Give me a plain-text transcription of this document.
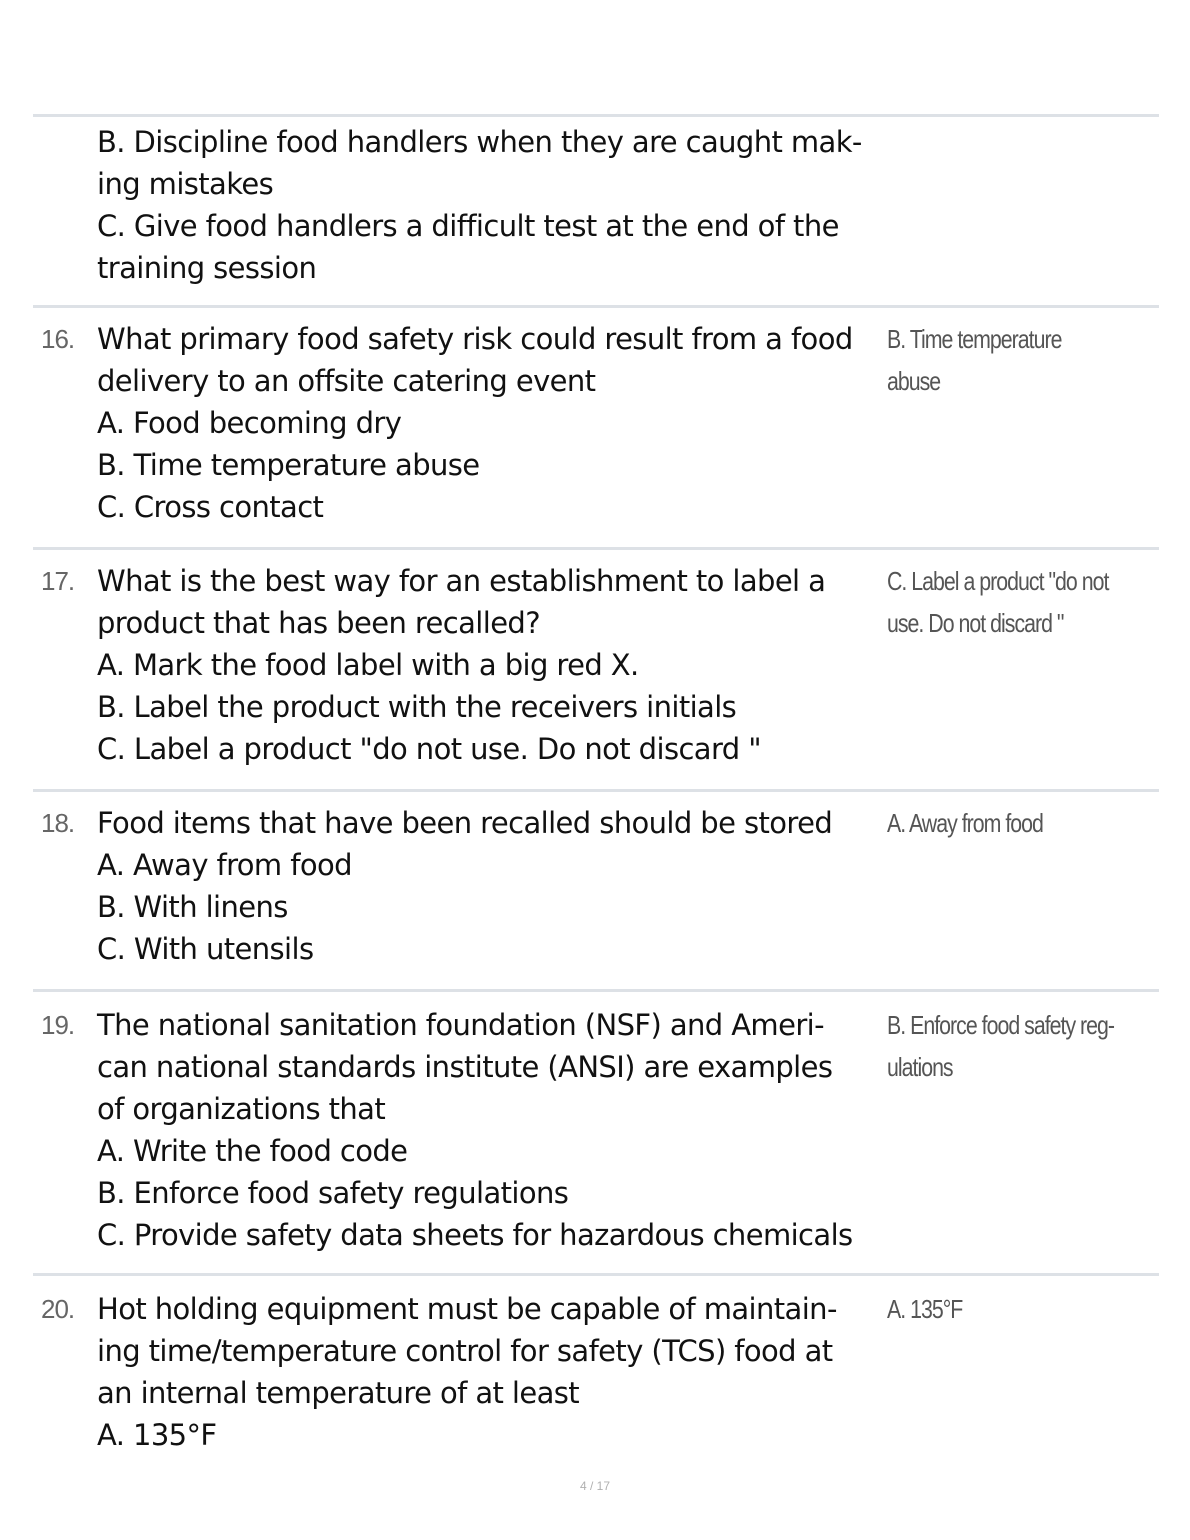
B. Discipline food handlers when they are caught mak-
ing mistakes
C. Give food handlers a difficult test at the end of the
training session
16. What primary food safety risk could result from a food
delivery to an offsite catering event
A. Food becoming dry
B. Time temperature abuse
C. Cross contact
B. Time temperature
abuse
17. What is the best way for an establishment to label a
product that has been recalled?
A. Mark the food label with a big red X.
B. Label the product with the receivers initials
C. Label a product "do not use. Do not discard "
C. Label a product "do not
use. Do not discard "
18. Food items that have been recalled should be stored
A. Away from food
B. With linens
C. With utensils
A. Away from food
19. The national sanitation foundation (NSF) and Ameri-
can national standards institute (ANSI) are examples
of organizations that
A. Write the food code
B. Enforce food safety regulations
C. Provide safety data sheets for hazardous chemicals
B. Enforce food safety reg-
ulations
20. Hot holding equipment must be capable of maintain-
ing time/temperature control for safety (TCS) food at
an internal temperature of at least
A. 135°F
A. 135°F
4 / 17
